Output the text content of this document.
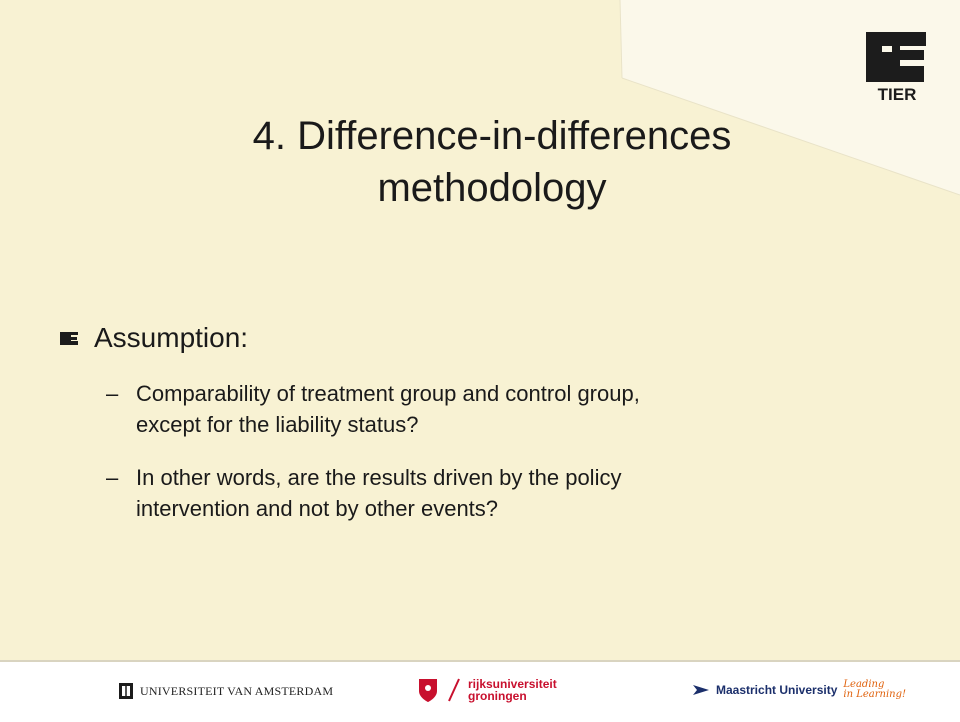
TIER
4. Difference-in-differences
methodology
Assumption:
– Comparability of treatment group and control group,
except for the liability status?
– In other words, are the results driven by the policy
intervention and not by other events?
UNIVERSITEIT VAN AMSTERDAM	rijksuniversiteit
groningen	Maastricht University Leading
in Learning!
